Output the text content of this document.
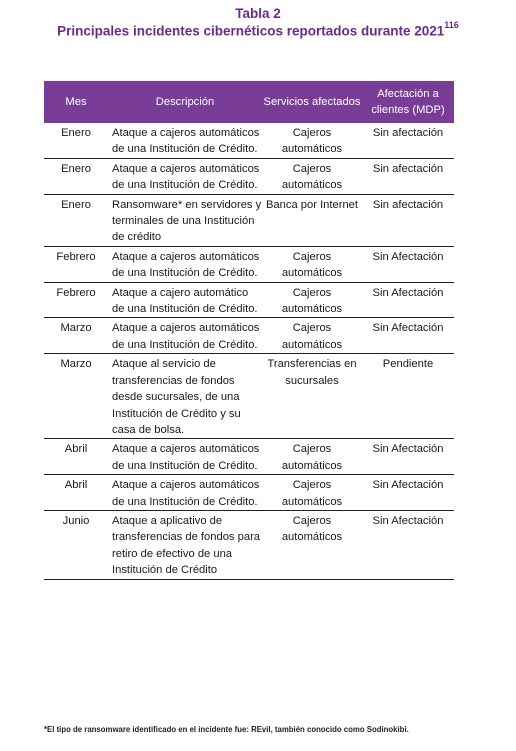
Tabla 2
Principales incidentes cibernéticos reportados durante 2021$^{116}$
Mes	Descripción	Servicios afectados	Afectación a clientes (MDP)
Enero	Ataque a cajeros automáticos de una Institución de Crédito.	Cajeros automáticos	Sin afectación
Enero	Ataque a cajeros automáticos de una Institución de Crédito.	Cajeros automáticos	Sin afectación
Enero	Ransomware* en servidores y terminales de una Institución de crédito	Banca por Internet	Sin afectación
Febrero	Ataque a cajeros automáticos de una Institución de Crédito.	Cajeros automáticos	Sin Afectación
Febrero	Ataque a cajero automático de una Institución de Crédito.	Cajeros automáticos	Sin Afectación
Marzo	Ataque a cajeros automáticos de una Institución de Crédito.	Cajeros automáticos	Sin Afectación
Marzo	Ataque al servicio de transferencias de fondos desde sucursales, de una Institución de Crédito y su casa de bolsa.	Transferencias en sucursales	Pendiente
Abril	Ataque a cajeros automáticos de una Institución de Crédito.	Cajeros automáticos	Sin Afectación
Abril	Ataque a cajeros automáticos de una Institución de Crédito.	Cajeros automáticos	Sin Afectación
Junio	Ataque a aplicativo de transferencias de fondos para retiro de efectivo de una Institución de Crédito	Cajeros automáticos	Sin Afectación
*El tipo de ransomware identificado en el incidente fue: REvil, también conocido como Sodinokibi.
